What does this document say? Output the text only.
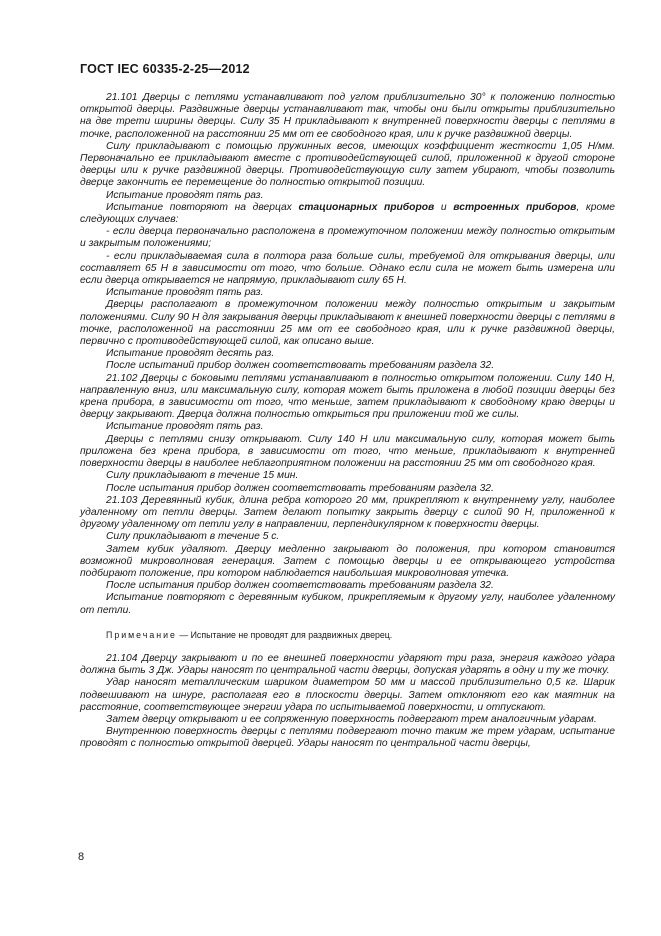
ГОСТ IEC 60335-2-25—2012

21.101 Дверцы с петлями устанавливают под углом приблизительно 30° к положению полностью открытой дверцы. Раздвижные дверцы устанавливают так, чтобы они были открыты приблизительно на две трети ширины дверцы. Силу 35 Н прикладывают к внутренней поверхности дверцы с петлями в точке, расположенной на расстоянии 25 мм от ее свободного края, или к ручке раздвижной дверцы.

Силу прикладывают с помощью пружинных весов, имеющих коэффициент жесткости 1,05 Н/мм. Первоначально ее прикладывают вместе с противодействующей силой, приложенной к другой стороне дверцы или к ручке раздвижной дверцы. Противодействующую силу затем убирают, чтобы позволить дверце закончить ее перемещение до полностью открытой позиции.

Испытание проводят пять раз.

Испытание повторяют на дверцах стационарных приборов и встроенных приборов, кроме следующих случаев:

- если дверца первоначально расположена в промежуточном положении между полностью открытым и закрытым положениями;

- если прикладываемая сила в полтора раза больше силы, требуемой для открывания дверцы, или составляет 65 Н в зависимости от того, что больше. Однако если сила не может быть измерена или если дверца открывается не напрямую, прикладывают силу 65 Н.

Испытание проводят пять раз.

Дверцы располагают в промежуточном положении между полностью открытым и закрытым положениями. Силу 90 Н для закрывания дверцы прикладывают к внешней поверхности дверцы с петлями в точке, расположенной на расстоянии 25 мм от ее свободного края, или к ручке раздвижной дверцы, первично с противодействующей силой, как описано выше.

Испытание проводят десять раз.

После испытаний прибор должен соответствовать требованиям раздела 32.

21.102 Дверцы с боковыми петлями устанавливают в полностью открытом положении. Силу 140 Н, направленную вниз, или максимальную силу, которая может быть приложена в любой позиции дверцы без крена прибора, в зависимости от того, что меньше, затем прикладывают к свободному краю дверцы и дверцу закрывают. Дверца должна полностью открыться при приложении той же силы.

Испытание проводят пять раз.

Дверцы с петлями снизу открывают. Силу 140 Н или максимальную силу, которая может быть приложена без крена прибора, в зависимости от того, что меньше, прикладывают к внутренней поверхности дверцы в наиболее неблагоприятном положении на расстоянии 25 мм от свободного края.

Силу прикладывают в течение 15 мин.

После испытания прибор должен соответствовать требованиям раздела 32.

21.103 Деревянный кубик, длина ребра которого 20 мм, прикрепляют к внутреннему углу, наиболее удаленному от петли дверцы. Затем делают попытку закрыть дверцу с силой 90 Н, приложенной к другому удаленному от петли углу в направлении, перпендикулярном к поверхности дверцы.

Силу прикладывают в течение 5 с.

Затем кубик удаляют. Дверцу медленно закрывают до положения, при котором становится возможной микроволновая генерация. Затем с помощью дверцы и ее открывающего устройства подбирают положение, при котором наблюдается наибольшая микроволновая утечка.

После испытания прибор должен соответствовать требованиям раздела 32.

Испытание повторяют с деревянным кубиком, прикрепляемым к другому углу, наиболее удаленному от петли.

Примечание — Испытание не проводят для раздвижных дверец.

21.104 Дверцу закрывают и по ее внешней поверхности ударяют три раза, энергия каждого удара должна быть 3 Дж. Удары наносят по центральной части дверцы, допуская ударять в одну и ту же точку.

Удар наносят металлическим шариком диаметром 50 мм и массой приблизительно 0,5 кг. Шарик подвешивают на шнуре, располагая его в плоскости дверцы. Затем отклоняют его как маятник на расстояние, соответствующее энергии удара по испытываемой поверхности, и отпускают.

Затем дверцу открывают и ее сопряженную поверхность подвергают трем аналогичным ударам.

Внутреннюю поверхность дверцы с петлями подвергают точно таким же трем ударам, испытание проводят с полностью открытой дверцей. Удары наносят по центральной части дверцы,

8
